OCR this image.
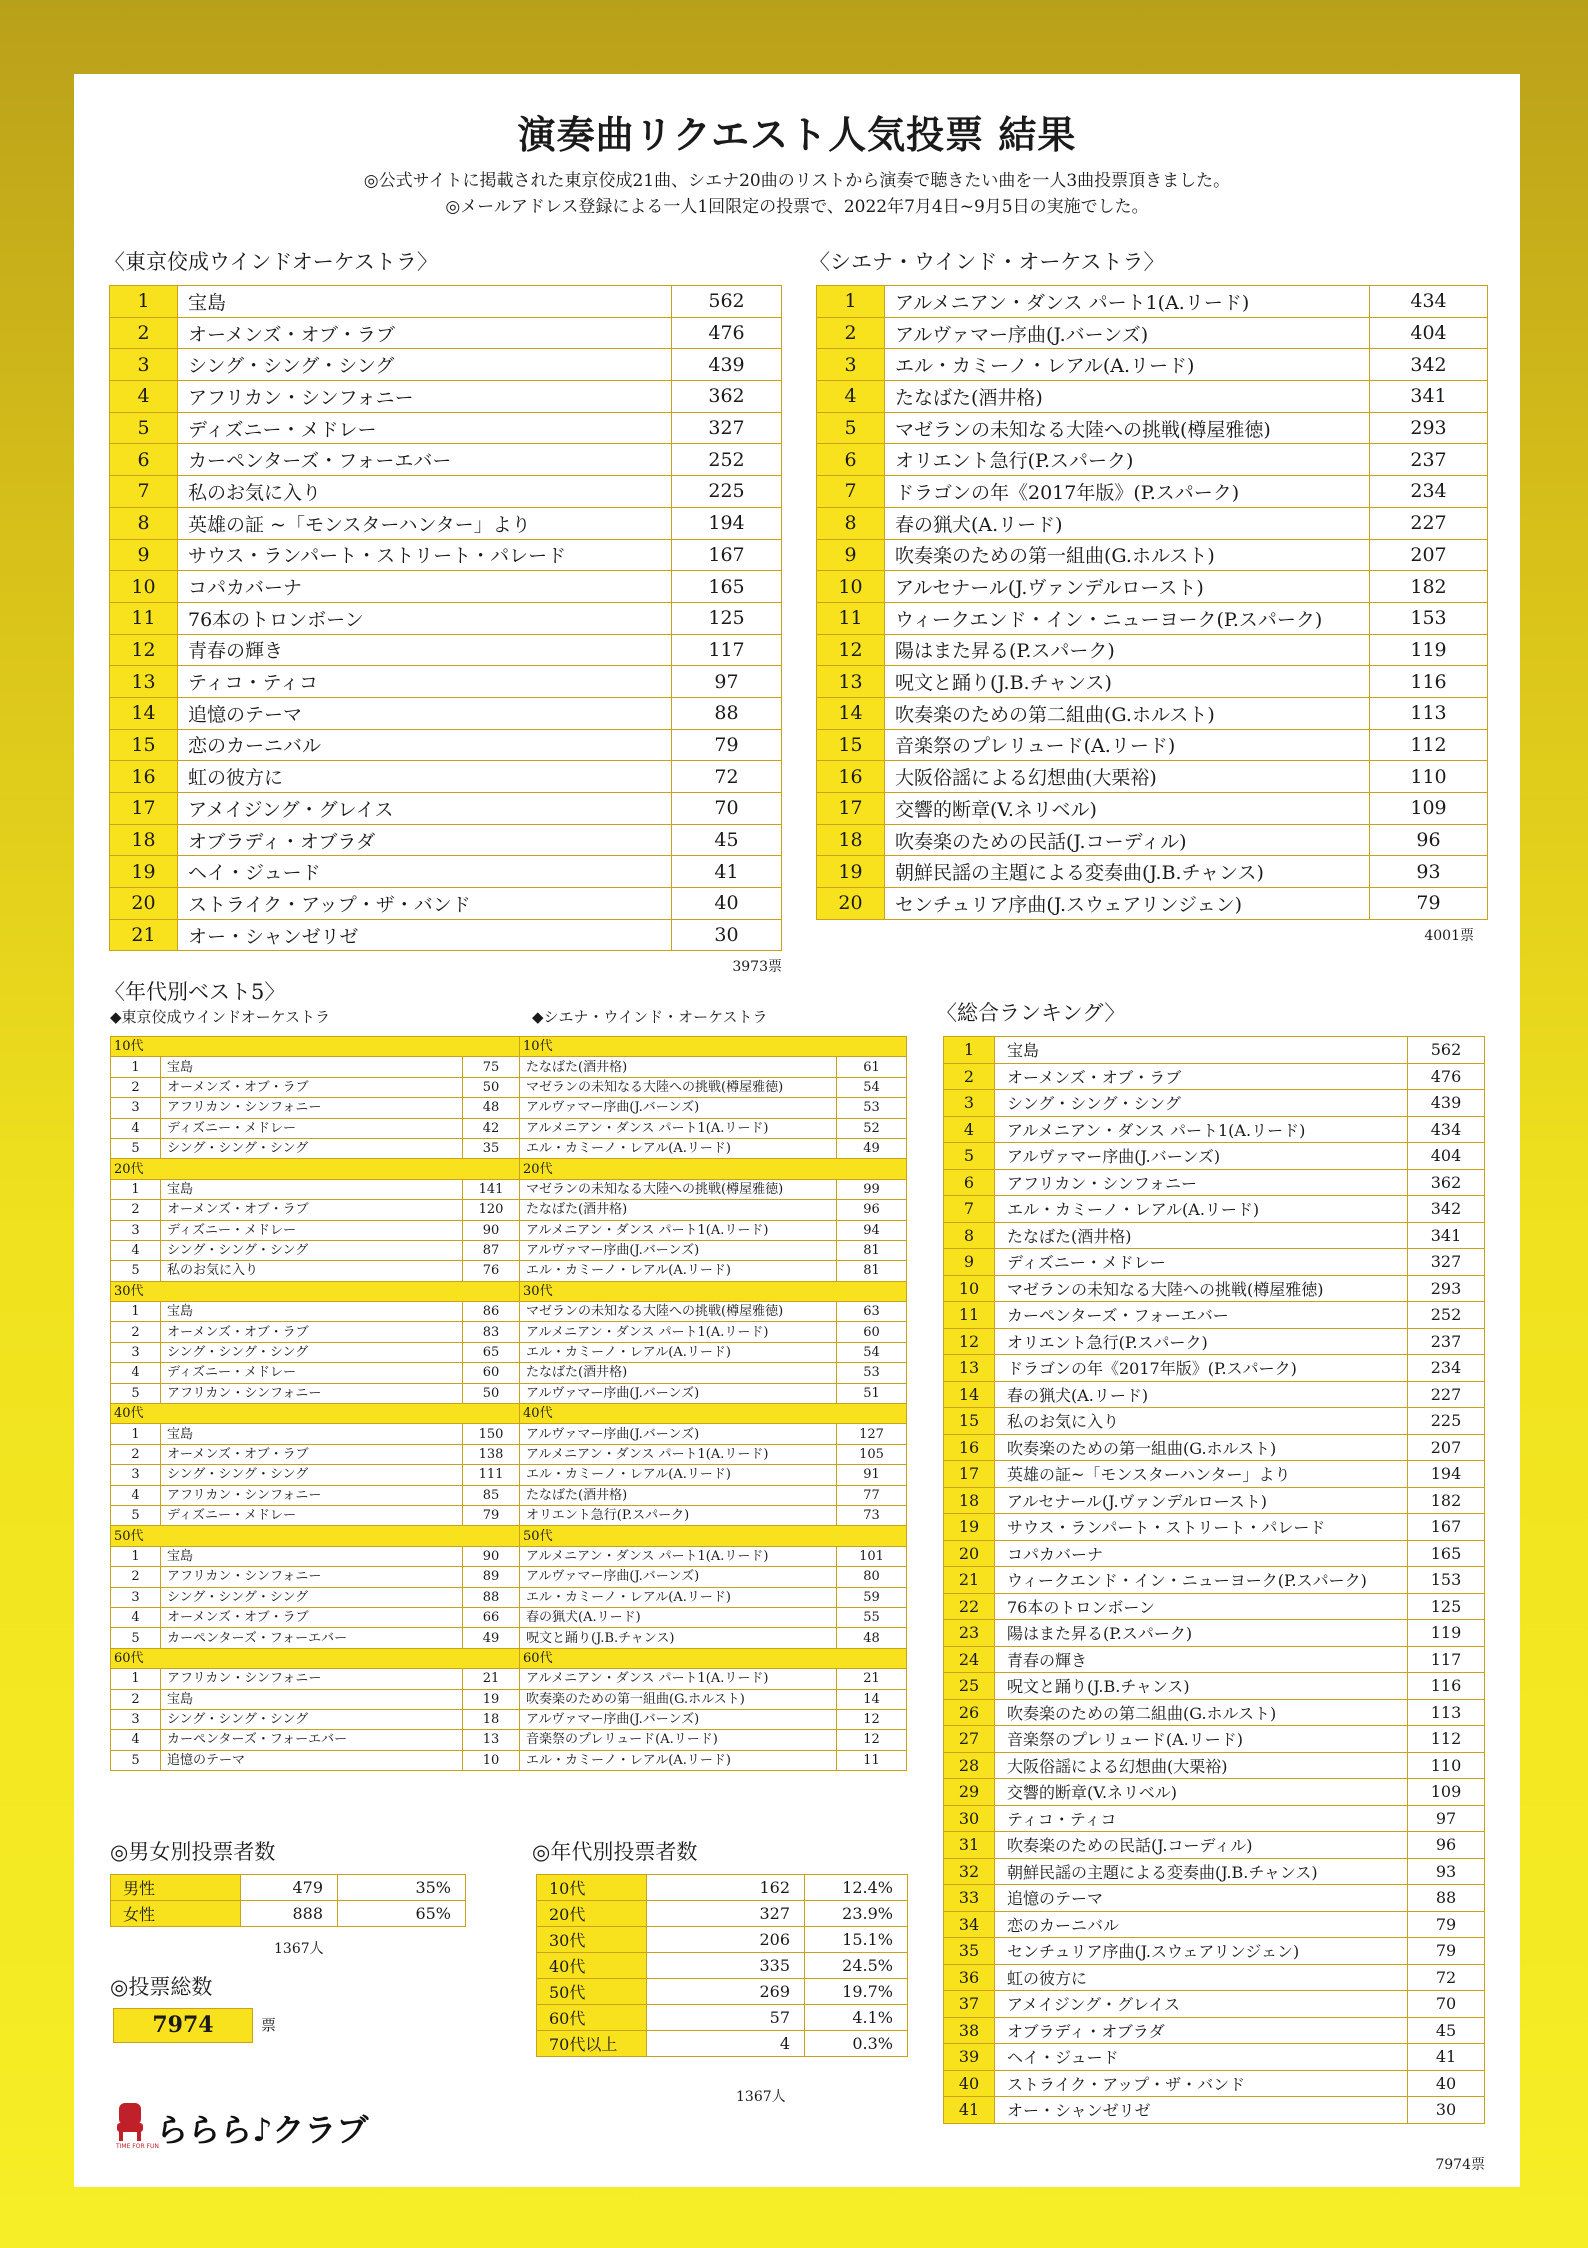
演奏曲リクエスト人気投票 結果
◎公式サイトに掲載された東京佼成21曲、シエナ20曲のリストから演奏で聴きたい曲を一人3曲投票頂きました。
◎メールアドレス登録による一人1回限定の投票で、2022年7月4日~9月5日の実施でした。
〈東京佼成ウインドオーケストラ〉
1	宝島	562
2	オーメンズ・オブ・ラブ	476
3	シング・シング・シング	439
4	アフリカン・シンフォニー	362
5	ディズニー・メドレー	327
6	カーペンターズ・フォーエバー	252
7	私のお気に入り	225
8	英雄の証 ~「モンスターハンター」より	194
9	サウス・ランパート・ストリート・パレード	167
10	コパカバーナ	165
11	76本のトロンボーン	125
12	青春の輝き	117
13	ティコ・ティコ	97
14	追憶のテーマ	88
15	恋のカーニバル	79
16	虹の彼方に	72
17	アメイジング・グレイス	70
18	オブラディ・オブラダ	45
19	ヘイ・ジュード	41
20	ストライク・アップ・ザ・バンド	40
21	オー・シャンゼリゼ	30
3973票
〈シエナ・ウインド・オーケストラ〉
1	アルメニアン・ダンス パート1(A.リード)	434
2	アルヴァマー序曲(J.バーンズ)	404
3	エル・カミーノ・レアル(A.リード)	342
4	たなばた(酒井格)	341
5	マゼランの未知なる大陸への挑戦(樽屋雅徳)	293
6	オリエント急行(P.スパーク)	237
7	ドラゴンの年《2017年版》(P.スパーク)	234
8	春の猟犬(A.リード)	227
9	吹奏楽のための第一組曲(G.ホルスト)	207
10	アルセナール(J.ヴァンデルロースト)	182
11	ウィークエンド・イン・ニューヨーク(P.スパーク)	153
12	陽はまた昇る(P.スパーク)	119
13	呪文と踊り(J.B.チャンス)	116
14	吹奏楽のための第二組曲(G.ホルスト)	113
15	音楽祭のプレリュード(A.リード)	112
16	大阪俗謡による幻想曲(大栗裕)	110
17	交響的断章(V.ネリベル)	109
18	吹奏楽のための民話(J.コーディル)	96
19	朝鮮民謡の主題による変奏曲(J.B.チャンス)	93
20	センチュリア序曲(J.スウェアリンジェン)	79
4001票
〈年代別ベスト5〉
◆東京佼成ウインドオーケストラ	◆シエナ・ウインド・オーケストラ
10代			10代	
1	宝島	75	たなばた(酒井格)	61
2	オーメンズ・オブ・ラブ	50	マゼランの未知なる大陸への挑戦(樽屋雅徳)	54
3	アフリカン・シンフォニー	48	アルヴァマー序曲(J.バーンズ)	53
4	ディズニー・メドレー	42	アルメニアン・ダンス パート1(A.リード)	52
5	シング・シング・シング	35	エル・カミーノ・レアル(A.リード)	49
20代			20代	
1	宝島	141	マゼランの未知なる大陸への挑戦(樽屋雅徳)	99
2	オーメンズ・オブ・ラブ	120	たなばた(酒井格)	96
3	ディズニー・メドレー	90	アルメニアン・ダンス パート1(A.リード)	94
4	シング・シング・シング	87	アルヴァマー序曲(J.バーンズ)	81
5	私のお気に入り	76	エル・カミーノ・レアル(A.リード)	81
30代			30代	
1	宝島	86	マゼランの未知なる大陸への挑戦(樽屋雅徳)	63
2	オーメンズ・オブ・ラブ	83	アルメニアン・ダンス パート1(A.リード)	60
3	シング・シング・シング	65	エル・カミーノ・レアル(A.リード)	54
4	ディズニー・メドレー	60	たなばた(酒井格)	53
5	アフリカン・シンフォニー	50	アルヴァマー序曲(J.バーンズ)	51
40代			40代	
1	宝島	150	アルヴァマー序曲(J.バーンズ)	127
2	オーメンズ・オブ・ラブ	138	アルメニアン・ダンス パート1(A.リード)	105
3	シング・シング・シング	111	エル・カミーノ・レアル(A.リード)	91
4	アフリカン・シンフォニー	85	たなばた(酒井格)	77
5	ディズニー・メドレー	79	オリエント急行(P.スパーク)	73
50代			50代	
1	宝島	90	アルメニアン・ダンス パート1(A.リード)	101
2	アフリカン・シンフォニー	89	アルヴァマー序曲(J.バーンズ)	80
3	シング・シング・シング	88	エル・カミーノ・レアル(A.リード)	59
4	オーメンズ・オブ・ラブ	66	春の猟犬(A.リード)	55
5	カーペンターズ・フォーエバー	49	呪文と踊り(J.B.チャンス)	48
60代			60代	
1	アフリカン・シンフォニー	21	アルメニアン・ダンス パート1(A.リード)	21
2	宝島	19	吹奏楽のための第一組曲(G.ホルスト)	14
3	シング・シング・シング	18	アルヴァマー序曲(J.バーンズ)	12
4	カーペンターズ・フォーエバー	13	音楽祭のプレリュード(A.リード)	12
5	追憶のテーマ	10	エル・カミーノ・レアル(A.リード)	11
◎男女別投票者数
男性	479	35%
女性	888	65%
1367人
◎投票総数
7974	票
◎年代別投票者数
10代	162	12.4%
20代	327	23.9%
30代	206	15.1%
40代	335	24.5%
50代	269	19.7%
60代	57	4.1%
70代以上	4	0.3%
1367人
〈総合ランキング〉
1	宝島	562
2	オーメンズ・オブ・ラブ	476
3	シング・シング・シング	439
4	アルメニアン・ダンス パート1(A.リード)	434
5	アルヴァマー序曲(J.バーンズ)	404
6	アフリカン・シンフォニー	362
7	エル・カミーノ・レアル(A.リード)	342
8	たなばた(酒井格)	341
9	ディズニー・メドレー	327
10	マゼランの未知なる大陸への挑戦(樽屋雅徳)	293
11	カーペンターズ・フォーエバー	252
12	オリエント急行(P.スパーク)	237
13	ドラゴンの年《2017年版》(P.スパーク)	234
14	春の猟犬(A.リード)	227
15	私のお気に入り	225
16	吹奏楽のための第一組曲(G.ホルスト)	207
17	英雄の証~「モンスターハンター」より	194
18	アルセナール(J.ヴァンデルロースト)	182
19	サウス・ランパート・ストリート・パレード	167
20	コパカバーナ	165
21	ウィークエンド・イン・ニューヨーク(P.スパーク)	153
22	76本のトロンボーン	125
23	陽はまた昇る(P.スパーク)	119
24	青春の輝き	117
25	呪文と踊り(J.B.チャンス)	116
26	吹奏楽のための第二組曲(G.ホルスト)	113
27	音楽祭のプレリュード(A.リード)	112
28	大阪俗謡による幻想曲(大栗裕)	110
29	交響的断章(V.ネリベル)	109
30	ティコ・ティコ	97
31	吹奏楽のための民話(J.コーディル)	96
32	朝鮮民謡の主題による変奏曲(J.B.チャンス)	93
33	追憶のテーマ	88
34	恋のカーニバル	79
35	センチュリア序曲(J.スウェアリンジェン)	79
36	虹の彼方に	72
37	アメイジング・グレイス	70
38	オブラディ・オブラダ	45
39	ヘイ・ジュード	41
40	ストライク・アップ・ザ・バンド	40
41	オー・シャンゼリゼ	30
7974票
TIME FOR FUN
ららら♪クラブ
